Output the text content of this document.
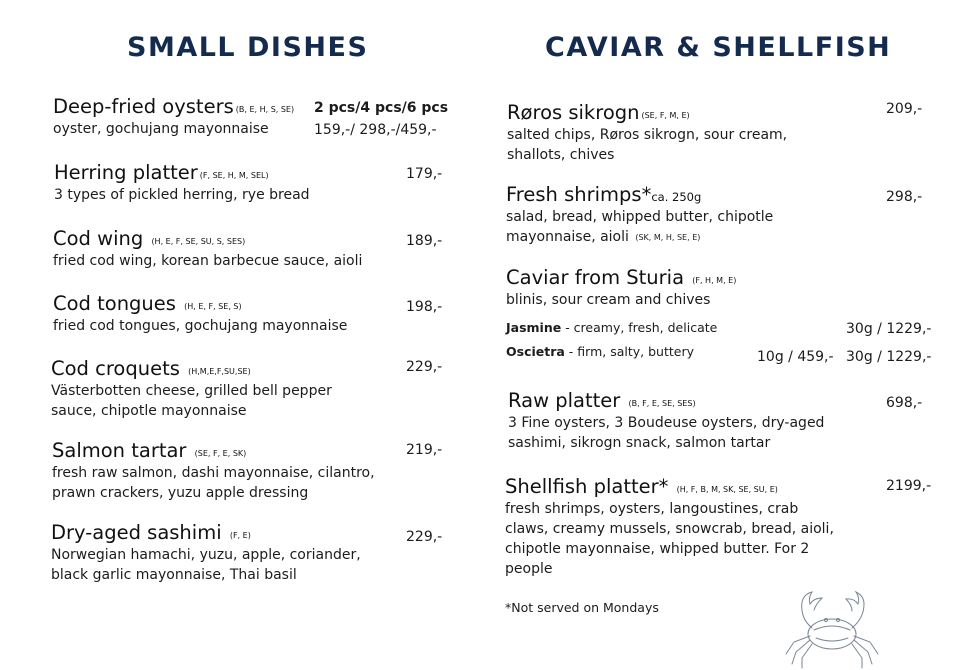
SMALL DISHES	CAVIAR & SHELLFISH
Deep-fried oysters (B, E, H, S, SE)
oyster, gochujang mayonnaise
2 pcs/4 pcs/6 pcs
159,-/ 298,-/459,-
Herring platter (F, SE, H, M, SEL)
3 types of pickled herring, rye bread
179,-
Cod wing (H, E, F, SE, SU, S, SES)
fried cod wing, korean barbecue sauce, aioli
189,-
Cod tongues (H, E, F, SE, S)
fried cod tongues, gochujang mayonnaise
198,-
Cod croquets (H,M,E,F,SU,SE)
Västerbotten cheese, grilled bell pepper
sauce, chipotle mayonnaise
229,-
Salmon tartar (SE, F, E, SK)
fresh raw salmon, dashi mayonnaise, cilantro,
prawn crackers, yuzu apple dressing
219,-
Dry-aged sashimi (F, E)
Norwegian hamachi, yuzu, apple, coriander,
black garlic mayonnaise, Thai basil
229,-
Røros sikrogn (SE, F, M, E)
salted chips, Røros sikrogn, sour cream,
shallots, chives
209,-
Fresh shrimps*ca. 250g
salad, bread, whipped butter, chipotle
mayonnaise, aioli (SK, M, H, SE, E)
298,-
Caviar from Sturia (F, H, M, E)
blinis, sour cream and chives
Jasmine - creamy, fresh, delicate	30g / 1229,-
Oscietra - firm, salty, buttery	10g / 459,- 30g / 1229,-
Raw platter (B, F, E, SE, SES)
3 Fine oysters, 3 Boudeuse oysters, dry-aged
sashimi, sikrogn snack, salmon tartar
698,-
Shellfish platter* (H, F, B, M, SK, SE, SU, E)
fresh shrimps, oysters, langoustines, crab
claws, creamy mussels, snowcrab, bread, aioli,
chipotle mayonnaise, whipped butter. For 2
people
2199,-
*Not served on Mondays
